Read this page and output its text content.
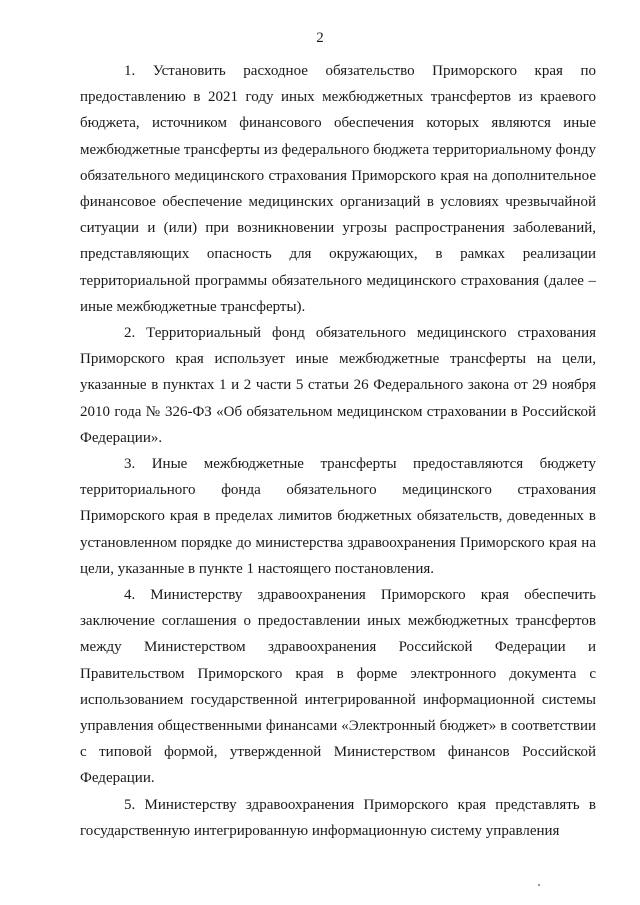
2

1. Установить расходное обязательство Приморского края по предоставлению в 2021 году иных межбюджетных трансфертов из краевого бюджета, источником финансового обеспечения которых являются иные межбюджетные трансферты из федерального бюджета территориальному фонду обязательного медицинского страхования Приморского края на дополнительное финансовое обеспечение медицинских организаций в условиях чрезвычайной ситуации и (или) при возникновении угрозы распространения заболеваний, представляющих опасность для окружающих, в рамках реализации территориальной программы обязательного медицинского страхования (далее – иные межбюджетные трансферты).

2. Территориальный фонд обязательного медицинского страхования Приморского края использует иные межбюджетные трансферты на цели, указанные в пунктах 1 и 2 части 5 статьи 26 Федерального закона от 29 ноября 2010 года № 326-ФЗ «Об обязательном медицинском страховании в Российской Федерации».

3. Иные межбюджетные трансферты предоставляются бюджету территориального фонда обязательного медицинского страхования Приморского края в пределах лимитов бюджетных обязательств, доведенных в установленном порядке до министерства здравоохранения Приморского края на цели, указанные в пункте 1 настоящего постановления.

4. Министерству здравоохранения Приморского края обеспечить заключение соглашения о предоставлении иных межбюджетных трансфертов между Министерством здравоохранения Российской Федерации и Правительством Приморского края в форме электронного документа с использованием государственной интегрированной информационной системы управления общественными финансами «Электронный бюджет» в соответствии с типовой формой, утвержденной Министерством финансов Российской Федерации.

5. Министерству здравоохранения Приморского края представлять в государственную интегрированную информационную систему управления
